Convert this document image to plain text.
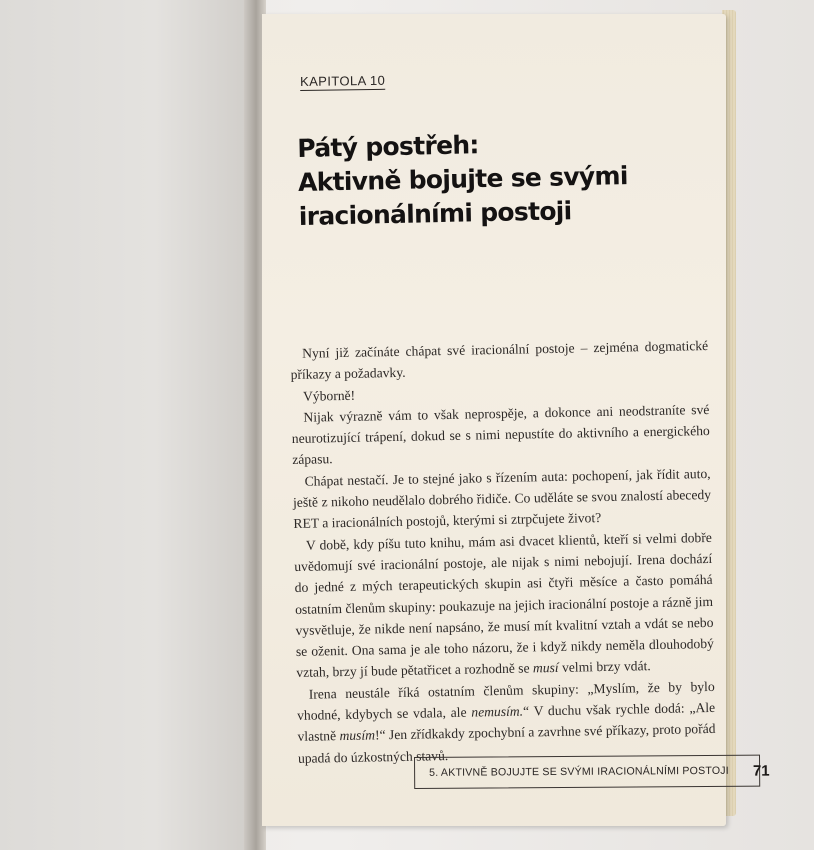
KAPITOLA 10
Pátý postřeh:
Aktivně bojujte se svými
iracionálními postoji

Nyní již začínáte chápat své iracionální postoje – zejména dogmatické příkazy a požadavky.

Výborně!

Nijak výrazně vám to však neprospěje, a dokonce ani neodstraníte své neurotizující trápení, dokud se s nimi nepustíte do aktivního a energického zápasu.

Chápat nestačí. Je to stejné jako s řízením auta: pochopení, jak řídit auto, ještě z nikoho neudělalo dobrého řidiče. Co uděláte se svou znalostí abecedy RET a iracionálních postojů, kterými si ztrpčujete život?

V době, kdy píšu tuto knihu, mám asi dvacet klientů, kteří si velmi dobře uvědomují své iracionální postoje, ale nijak s nimi nebojují. Irena dochází do jedné z mých terapeutických skupin asi čtyři měsíce a často pomáhá ostatním členům skupiny: poukazuje na jejich iracionální postoje a rázně jim vysvětluje, že nikde není napsáno, že musí mít kvalitní vztah a vdát se nebo se oženit. Ona sama je ale toho názoru, že i když nikdy neměla dlouhodobý vztah, brzy jí bude pětatřicet a rozhodně se musí velmi brzy vdát.

Irena neustále říká ostatním členům skupiny: „Myslím, že by bylo vhodné, kdybych se vdala, ale nemusím.“ V duchu však rychle dodá: „Ale vlastně musím!“ Jen zřídkakdy zpochybní a zavrhne své příkazy, proto pořád upadá do úzkostných stavů.

5. AKTIVNĚ BOJUJTE SE SVÝMI IRACIONÁLNÍMI POSTOJI 71
